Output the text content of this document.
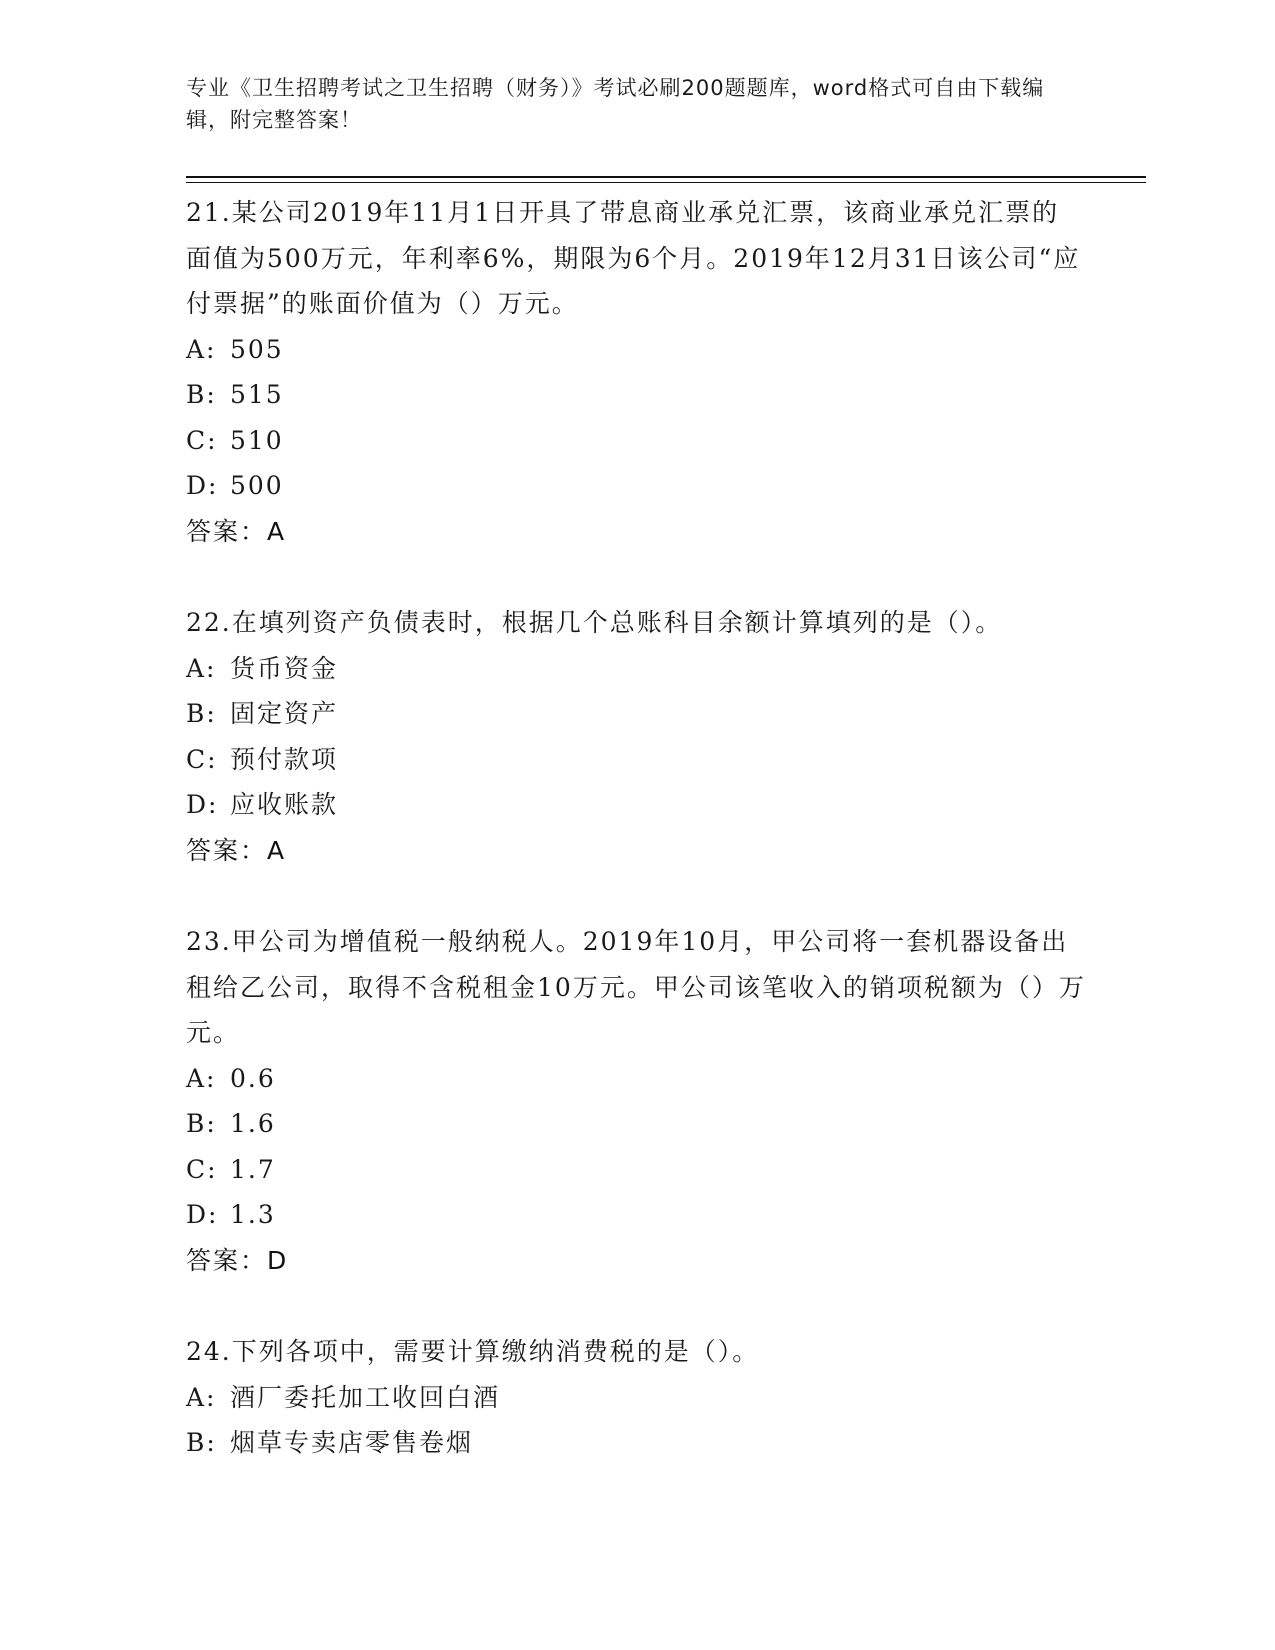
专业《卫生招聘考试之卫生招聘（财务）》考试必刷200题题库，word格式可自由下载编辑，附完整答案！

21.某公司2019年11月1日开具了带息商业承兑汇票，该商业承兑汇票的面值为500万元，年利率6%，期限为6个月。2019年12月31日该公司“应付票据”的账面价值为（）万元。

A: 505

B: 515

C: 510

D: 500

答案：A

22.在填列资产负债表时，根据几个总账科目余额计算填列的是（）。

A: 货币资金

B: 固定资产

C: 预付款项

D: 应收账款

答案：A

23.甲公司为增值税一般纳税人。2019年10月，甲公司将一套机器设备出租给乙公司，取得不含税租金10万元。甲公司该笔收入的销项税额为（）万元。

A: 0.6

B: 1.6

C: 1.7

D: 1.3

答案：D

24.下列各项中，需要计算缴纳消费税的是（）。

A: 酒厂委托加工收回白酒

B: 烟草专卖店零售卷烟
